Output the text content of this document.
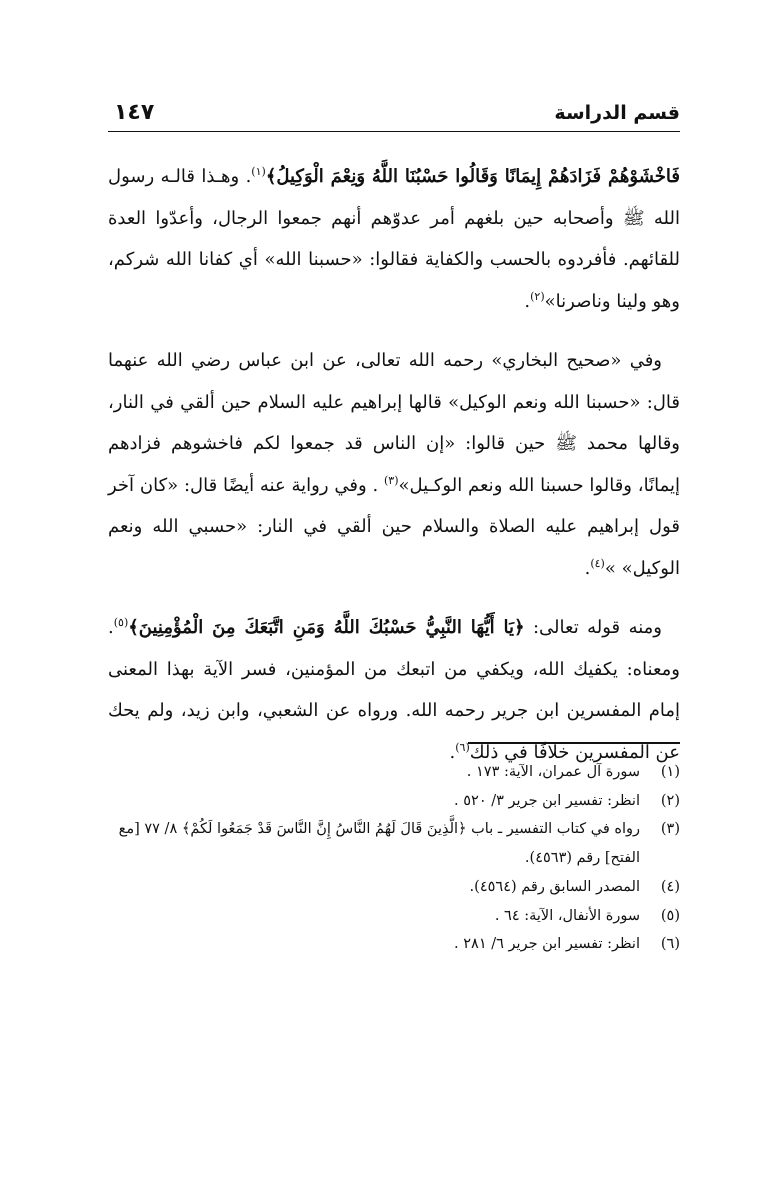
قسم الدراسة
١٤٧

فَاخْشَوْهُمْ فَزَادَهُمْ إِيمَانًا وَقَالُوا حَسْبُنَا اللَّهُ وَنِعْمَ الْوَكِيلُ﴾$^{(١)}$. وهـذا قالـه رسول الله ﷺ وأصحابه حين بلغهم أمر عدوّهم أنهم جمعوا الرجال، وأعدّوا العدة للقائهم. فأفردوه بالحسب والكفاية فقالوا: «حسبنا الله» أي كفانا الله شركم، وهو ولينا وناصرنا»$^{(٢)}$.

وفي «صحيح البخاري» رحمه الله تعالى، عن ابن عباس رضي الله عنهما قال: «حسبنا الله ونعم الوكيل» قالها إبراهيم عليه السلام حين ألقي في النار، وقالها محمد ﷺ حين قالوا: «إن الناس قد جمعوا لكم فاخشوهم فزادهم إيمانًا، وقالوا حسبنا الله ونعم الوكـيل»$^{(٣)}$ . وفي رواية عنه أيضًا قال: «كان آخر قول إبراهيم عليه الصلاة والسلام حين ألقي في النار: «حسبي الله ونعم الوكيل» »$^{(٤)}$.

ومنه قوله تعالى: ﴿يَا أَيُّهَا النَّبِيُّ حَسْبُكَ اللَّهُ وَمَنِ اتَّبَعَكَ مِنَ الْمُؤْمِنِينَ﴾$^{(٥)}$. ومعناه: يكفيك الله، ويكفي من اتبعك من المؤمنين، فسر الآية بهذا المعنى إمام المفسرين ابن جرير رحمه الله. ورواه عن الشعبي، وابن زيد، ولم يحك عن المفسرين خلافًا في ذلك$^{(٦)}$.

(١)
سورة آل عمران، الآية: ١٧٣ .

(٢)
انظر: تفسير ابن جرير ٣/ ٥٢٠ .

(٣)
رواه في كتاب التفسير ـ باب ﴿الَّذِينَ قَالَ لَهُمُ النَّاسُ إِنَّ النَّاسَ قَدْ جَمَعُوا لَكُمْ﴾ ٨/ ٧٧ [مع الفتح] رقم (٤٥٦٣).

(٤)
المصدر السابق رقم (٤٥٦٤).

(٥)
سورة الأنفال، الآية: ٦٤ .

(٦)
انظر: تفسير ابن جرير ٦/ ٢٨١ .
